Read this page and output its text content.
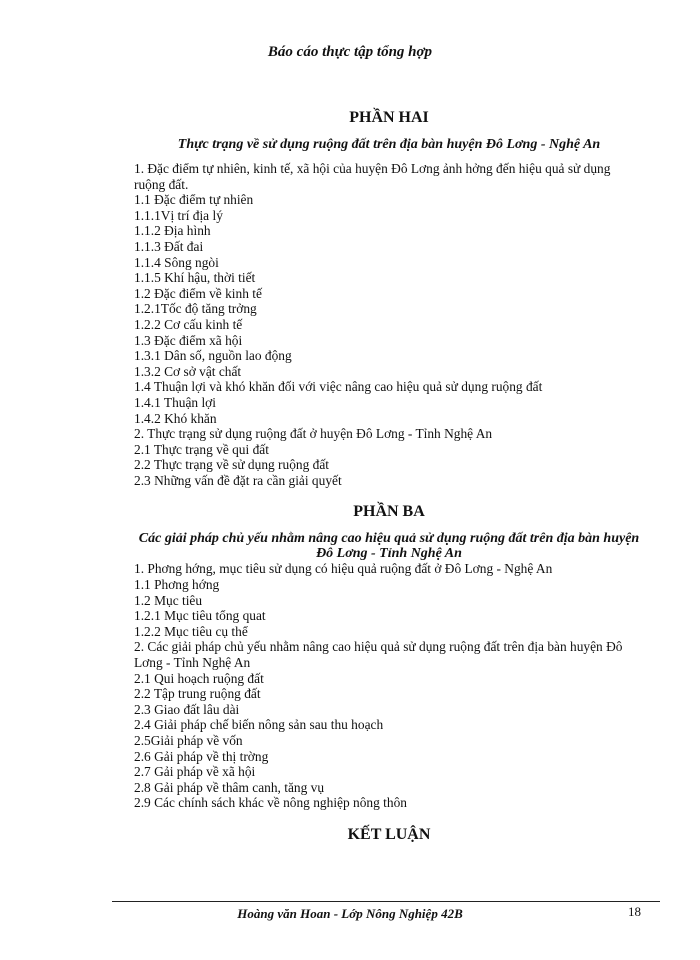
Báo cáo thực tập tổng hợp
PHẦN HAI
Thực trạng về sử dụng ruộng đất trên địa bàn huyện Đô Lơng - Nghệ An
1. Đặc điểm tự nhiên, kinh tế, xã hội của huyện Đô Lơng ảnh hởng đến hiệu quả sử dụng ruộng đất.
1.1 Đặc điểm tự nhiên
1.1.1Vị trí địa lý
1.1.2 Địa hình
1.1.3 Đất đai
1.1.4 Sông ngòi
1.1.5 Khí hậu, thời tiết
1.2 Đặc điểm về kinh tế
1.2.1Tốc độ tăng trởng
1.2.2 Cơ cấu kinh tế
1.3 Đặc điểm xã hội
1.3.1 Dân số, nguồn lao động
1.3.2 Cơ sở vật chất
1.4 Thuận lợi và khó khăn đối với việc nâng cao hiệu quả sử dụng ruộng đất
1.4.1 Thuận lợi
1.4.2 Khó khăn
2. Thực trạng sử dụng ruộng đất ở huyện Đô Lơng - Tỉnh Nghệ An
2.1 Thực trạng về qui đất
2.2 Thực trạng về sử dụng ruộng đất
2.3 Những vấn đề đặt ra cần giải quyết
PHẦN BA
Các giải pháp chủ yếu nhằm nâng cao hiệu quả sử dụng ruộng đất trên địa bàn huyện Đô Lơng - Tỉnh Nghệ An
1. Phơng hớng, mục tiêu sử dụng có hiệu quả ruộng đất ở Đô Lơng - Nghệ An
1.1 Phơng hớng
1.2 Mục tiêu
1.2.1 Mục tiêu tổng quat
1.2.2 Mục tiêu cụ thể
2. Các giải pháp chủ yếu nhằm nâng cao hiệu quả sử dụng ruộng đất trên địa bàn huyện Đô Lơng - Tỉnh Nghệ An
2.1 Qui hoạch ruộng đất
2.2 Tập trung ruộng đất
2.3 Giao đất lâu dài
2.4 Giải pháp chế biến nông sản sau thu hoạch
2.5Giải pháp về vốn
2.6 Gải pháp về thị trờng
2.7 Gải pháp về xã hội
2.8 Gải pháp về thâm canh, tăng vụ
2.9 Các chính sách khác về nông nghiệp nông thôn
KẾT LUẬN
Hoàng văn Hoan - Lớp Nông Nghiệp 42B	18
